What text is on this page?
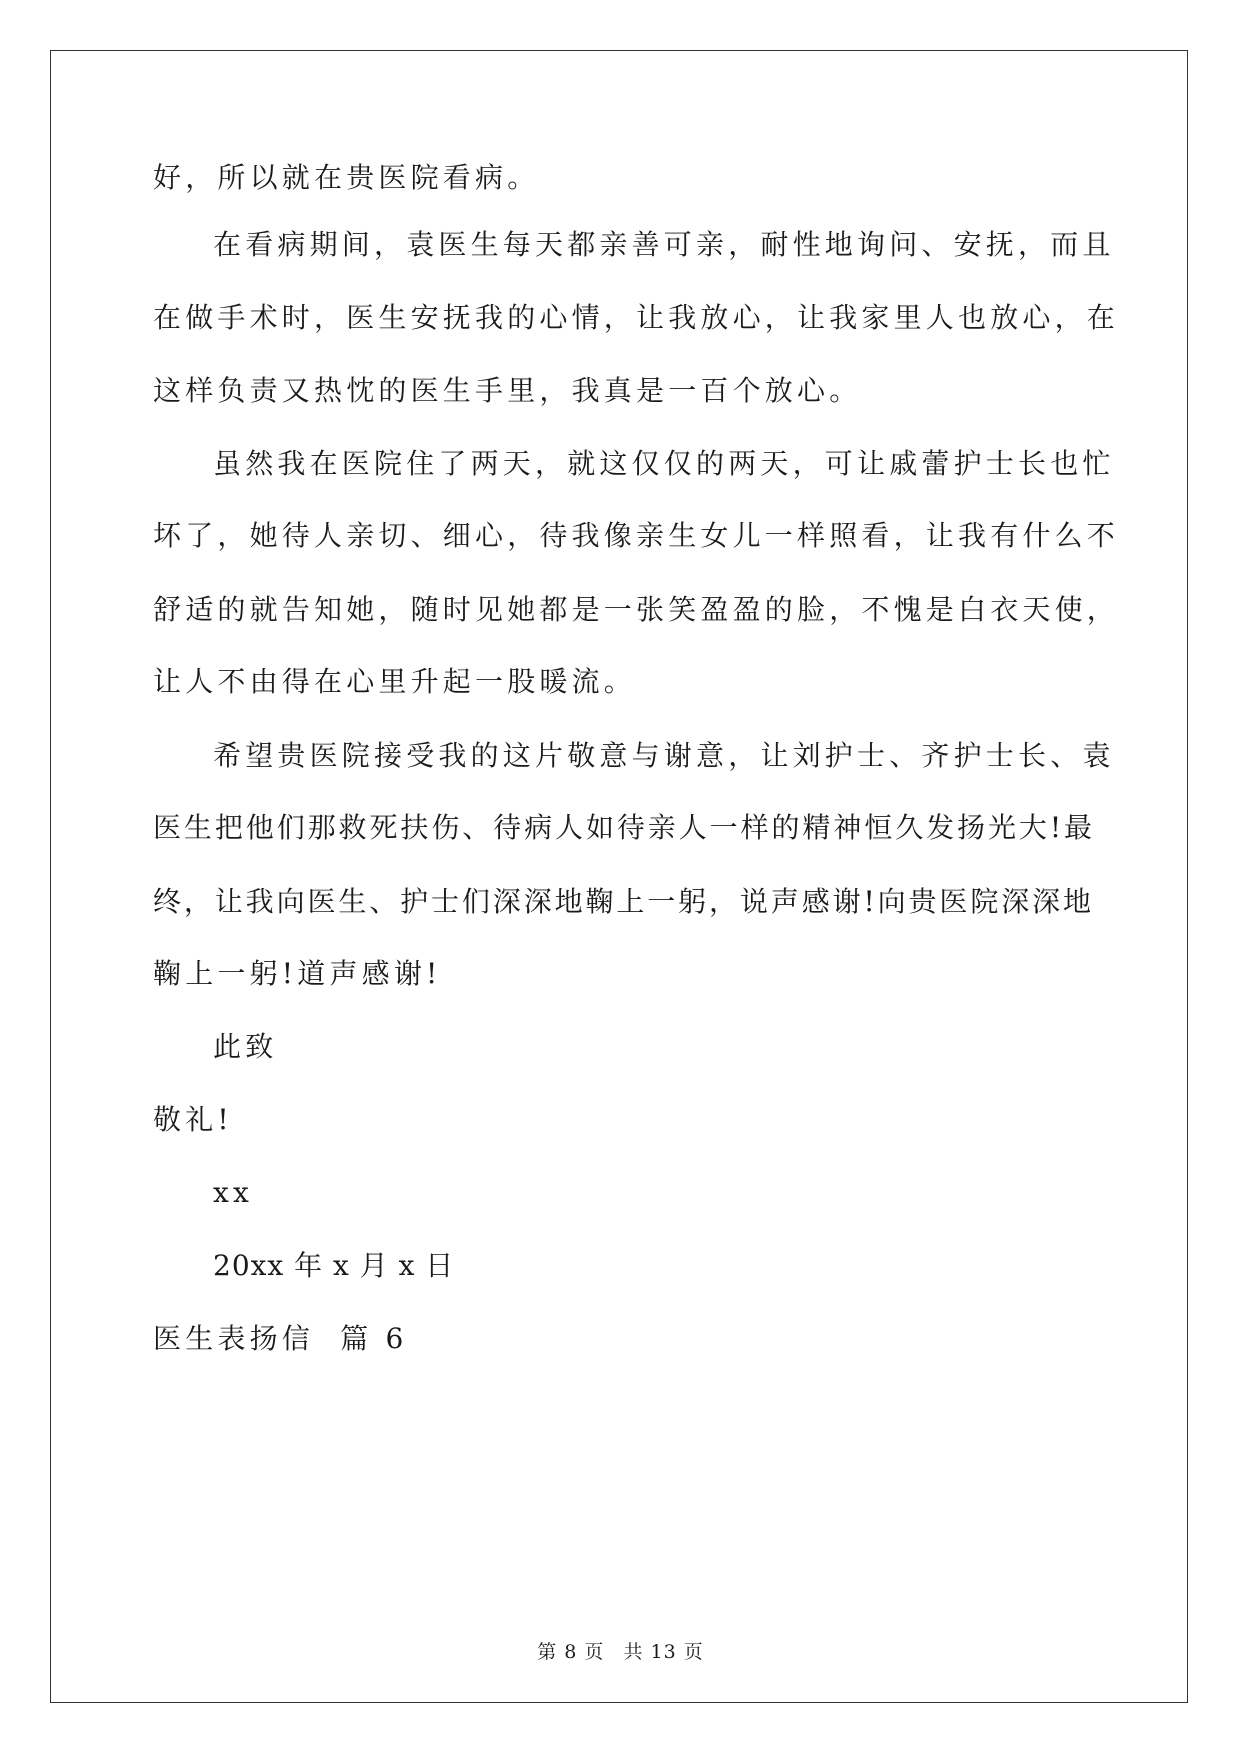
好，所以就在贵医院看病。
在看病期间，袁医生每天都亲善可亲，耐性地询问、安抚，而且
在做手术时，医生安抚我的心情，让我放心，让我家里人也放心，在
这样负责又热忱的医生手里，我真是一百个放心。
虽然我在医院住了两天，就这仅仅的两天，可让戚蕾护士长也忙
坏了，她待人亲切、细心，待我像亲生女儿一样照看，让我有什么不
舒适的就告知她，随时见她都是一张笑盈盈的脸，不愧是白衣天使，
让人不由得在心里升起一股暖流。
希望贵医院接受我的这片敬意与谢意，让刘护士、齐护士长、袁
医生把他们那救死扶伤、待病人如待亲人一样的精神恒久发扬光大!最
终，让我向医生、护士们深深地鞠上一躬，说声感谢!向贵医院深深地
鞠上一躬!道声感谢!
此致
敬礼!
xx
20xx 年 x 月 x 日
医生表扬信  篇 6
第 8 页 共 13 页
